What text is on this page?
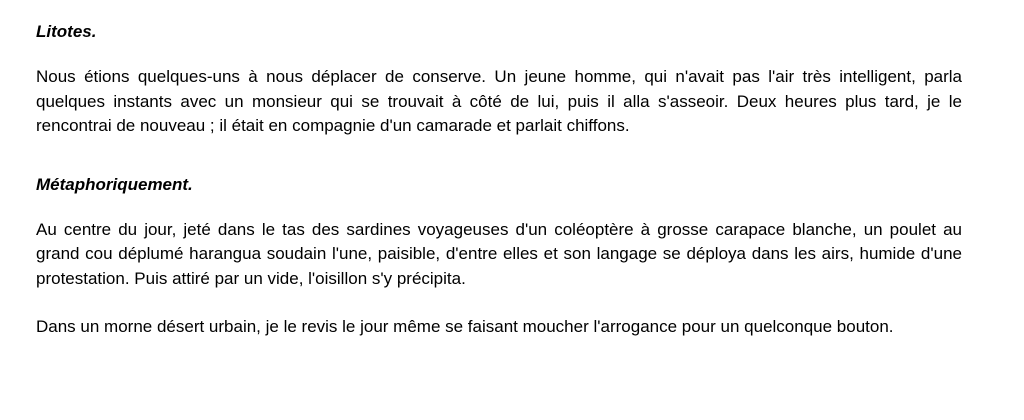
Litotes.

Nous étions quelques-uns à nous déplacer de conserve. Un jeune homme, qui n'avait pas l'air très intelligent, parla quelques instants avec un monsieur qui se trouvait à côté de lui, puis il alla s'asseoir. Deux heures plus tard, je le rencontrai de nouveau ; il était en compagnie d'un camarade et parlait chiffons.

Métaphoriquement.

Au centre du jour, jeté dans le tas des sardines voyageuses d'un coléoptère à grosse carapace blanche, un poulet au grand cou déplumé harangua soudain l'une, paisible, d'entre elles et son langage se déploya dans les airs, humide d'une protestation. Puis attiré par un vide, l'oisillon s'y précipita.

Dans un morne désert urbain, je le revis le jour même se faisant moucher l'arrogance pour un quelconque bouton.
